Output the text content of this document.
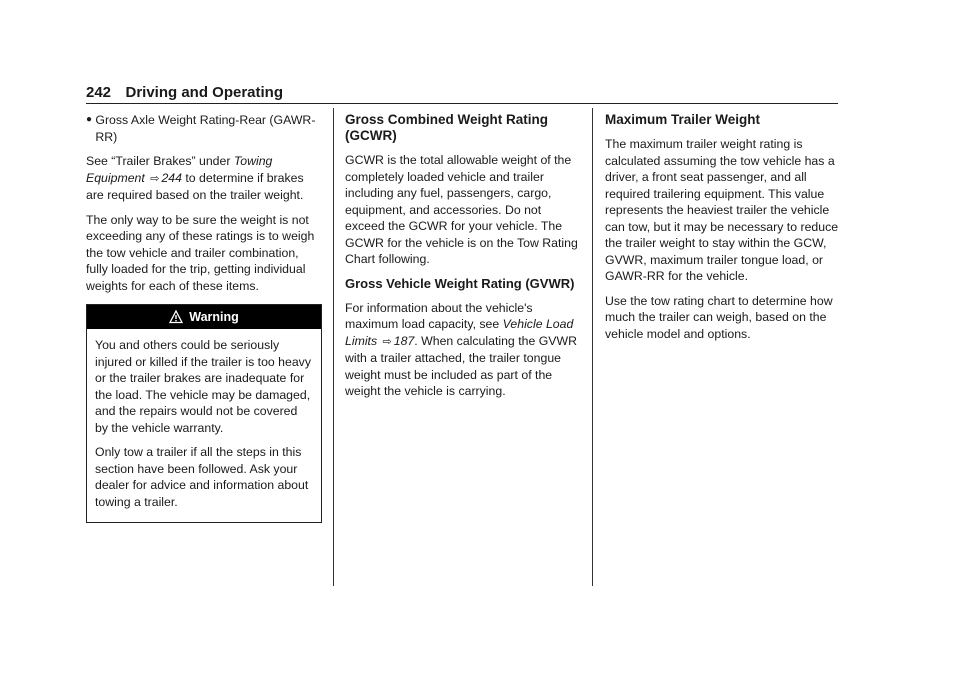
242 Driving and Operating
● Gross Axle Weight Rating-Rear (GAWR-RR)

See “Trailer Brakes” under Towing Equipment ⇨ 244 to determine if brakes are required based on the trailer weight.

The only way to be sure the weight is not exceeding any of these ratings is to weigh the tow vehicle and trailer combination, fully loaded for the trip, getting individual weights for each of these items.

Warning

You and others could be seriously injured or killed if the trailer is too heavy or the trailer brakes are inadequate for the load. The vehicle may be damaged, and the repairs would not be covered by the vehicle warranty.

Only tow a trailer if all the steps in this section have been followed. Ask your dealer for advice and information about towing a trailer.

Gross Combined Weight Rating (GCWR)

GCWR is the total allowable weight of the completely loaded vehicle and trailer including any fuel, passengers, cargo, equipment, and accessories. Do not exceed the GCWR for your vehicle. The GCWR for the vehicle is on the Tow Rating Chart following.

Gross Vehicle Weight Rating (GVWR)

For information about the vehicle's maximum load capacity, see Vehicle Load Limits ⇨ 187. When calculating the GVWR with a trailer attached, the trailer tongue weight must be included as part of the weight the vehicle is carrying.

Maximum Trailer Weight

The maximum trailer weight rating is calculated assuming the tow vehicle has a driver, a front seat passenger, and all required trailering equipment. This value represents the heaviest trailer the vehicle can tow, but it may be necessary to reduce the trailer weight to stay within the GCW, GVWR, maximum trailer tongue load, or GAWR-RR for the vehicle.

Use the tow rating chart to determine how much the trailer can weigh, based on the vehicle model and options.
